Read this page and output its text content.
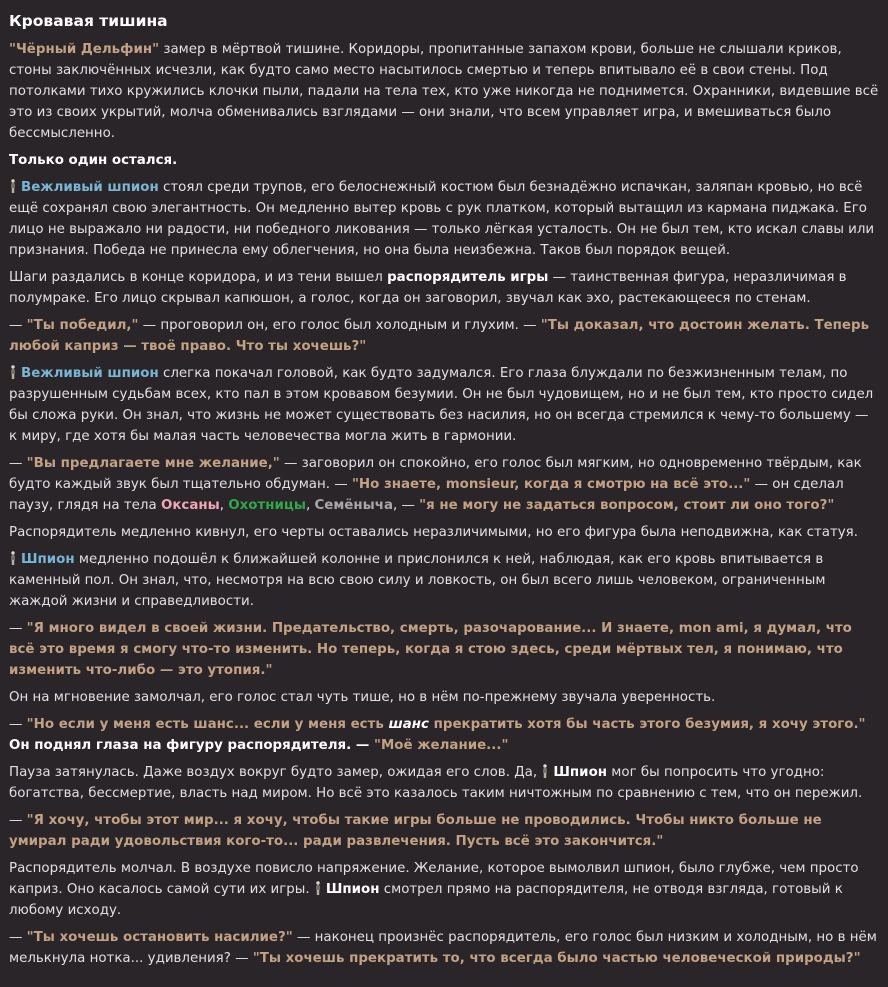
Кровавая тишина

"Чёрный Дельфин" замер в мёртвой тишине. Коридоры, пропитанные запахом крови, больше не слышали криков, стоны заключённых исчезли, как будто само место насытилось смертью и теперь впитывало её в свои стены. Под потолками тихо кружились клочки пыли, падали на тела тех, кто уже никогда не поднимется. Охранники, видевшие всё это из своих укрытий, молча обменивались взглядами — они знали, что всем управляет игра, и вмешиваться было бессмысленно.

Только один остался.

Вежливый шпион стоял среди трупов, его белоснежный костюм был безнадёжно испачкан, заляпан кровью, но всё ещё сохранял свою элегантность. Он медленно вытер кровь с рук платком, который вытащил из кармана пиджака. Его лицо не выражало ни радости, ни победного ликования — только лёгкая усталость. Он не был тем, кто искал славы или признания. Победа не принесла ему облегчения, но она была неизбежна. Таков был порядок вещей.

Шаги раздались в конце коридора, и из тени вышел распорядитель игры — таинственная фигура, неразличимая в полумраке. Его лицо скрывал капюшон, а голос, когда он заговорил, звучал как эхо, растекающееся по стенам.

— "Ты победил," — проговорил он, его голос был холодным и глухим. — "Ты доказал, что достоин желать. Теперь любой каприз — твоё право. Что ты хочешь?"

Вежливый шпион слегка покачал головой, как будто задумался. Его глаза блуждали по безжизненным телам, по разрушенным судьбам всех, кто пал в этом кровавом безумии. Он не был чудовищем, но и не был тем, кто просто сидел бы сложа руки. Он знал, что жизнь не может существовать без насилия, но он всегда стремился к чему-то большему — к миру, где хотя бы малая часть человечества могла жить в гармонии.

— "Вы предлагаете мне желание," — заговорил он спокойно, его голос был мягким, но одновременно твёрдым, как будто каждый звук был тщательно обдуман. — "Но знаете, monsieur, когда я смотрю на всё это..." — он сделал паузу, глядя на тела Оксаны, Охотницы, Семёныча, — "я не могу не задаться вопросом, стоит ли оно того?"

Распорядитель медленно кивнул, его черты оставались неразличимыми, но его фигура была неподвижна, как статуя.

Шпион медленно подошёл к ближайшей колонне и прислонился к ней, наблюдая, как его кровь впитывается в каменный пол. Он знал, что, несмотря на всю свою силу и ловкость, он был всего лишь человеком, ограниченным жаждой жизни и справедливости.

— "Я много видел в своей жизни. Предательство, смерть, разочарование... И знаете, mon ami, я думал, что всё это время я смогу что-то изменить. Но теперь, когда я стою здесь, среди мёртвых тел, я понимаю, что изменить что-либо — это утопия."

Он на мгновение замолчал, его голос стал чуть тише, но в нём по-прежнему звучала уверенность.

— "Но если у меня есть шанс... если у меня есть шанс прекратить хотя бы часть этого безумия, я хочу этого." Он поднял глаза на фигуру распорядителя. — "Моё желание..."

Пауза затянулась. Даже воздух вокруг будто замер, ожидая его слов. Да, Шпион мог бы попросить что угодно: богатства, бессмертие, власть над миром. Но всё это казалось таким ничтожным по сравнению с тем, что он пережил.

— "Я хочу, чтобы этот мир... я хочу, чтобы такие игры больше не проводились. Чтобы никто больше не умирал ради удовольствия кого-то... ради развлечения. Пусть всё это закончится."

Распорядитель молчал. В воздухе повисло напряжение. Желание, которое вымолвил шпион, было глубже, чем просто каприз. Оно касалось самой сути их игры. Шпион смотрел прямо на распорядителя, не отводя взгляда, готовый к любому исходу.

— "Ты хочешь остановить насилие?" — наконец произнёс распорядитель, его голос был низким и холодным, но в нём мелькнула нотка... удивления? — "Ты хочешь прекратить то, что всегда было частью человеческой природы?"
